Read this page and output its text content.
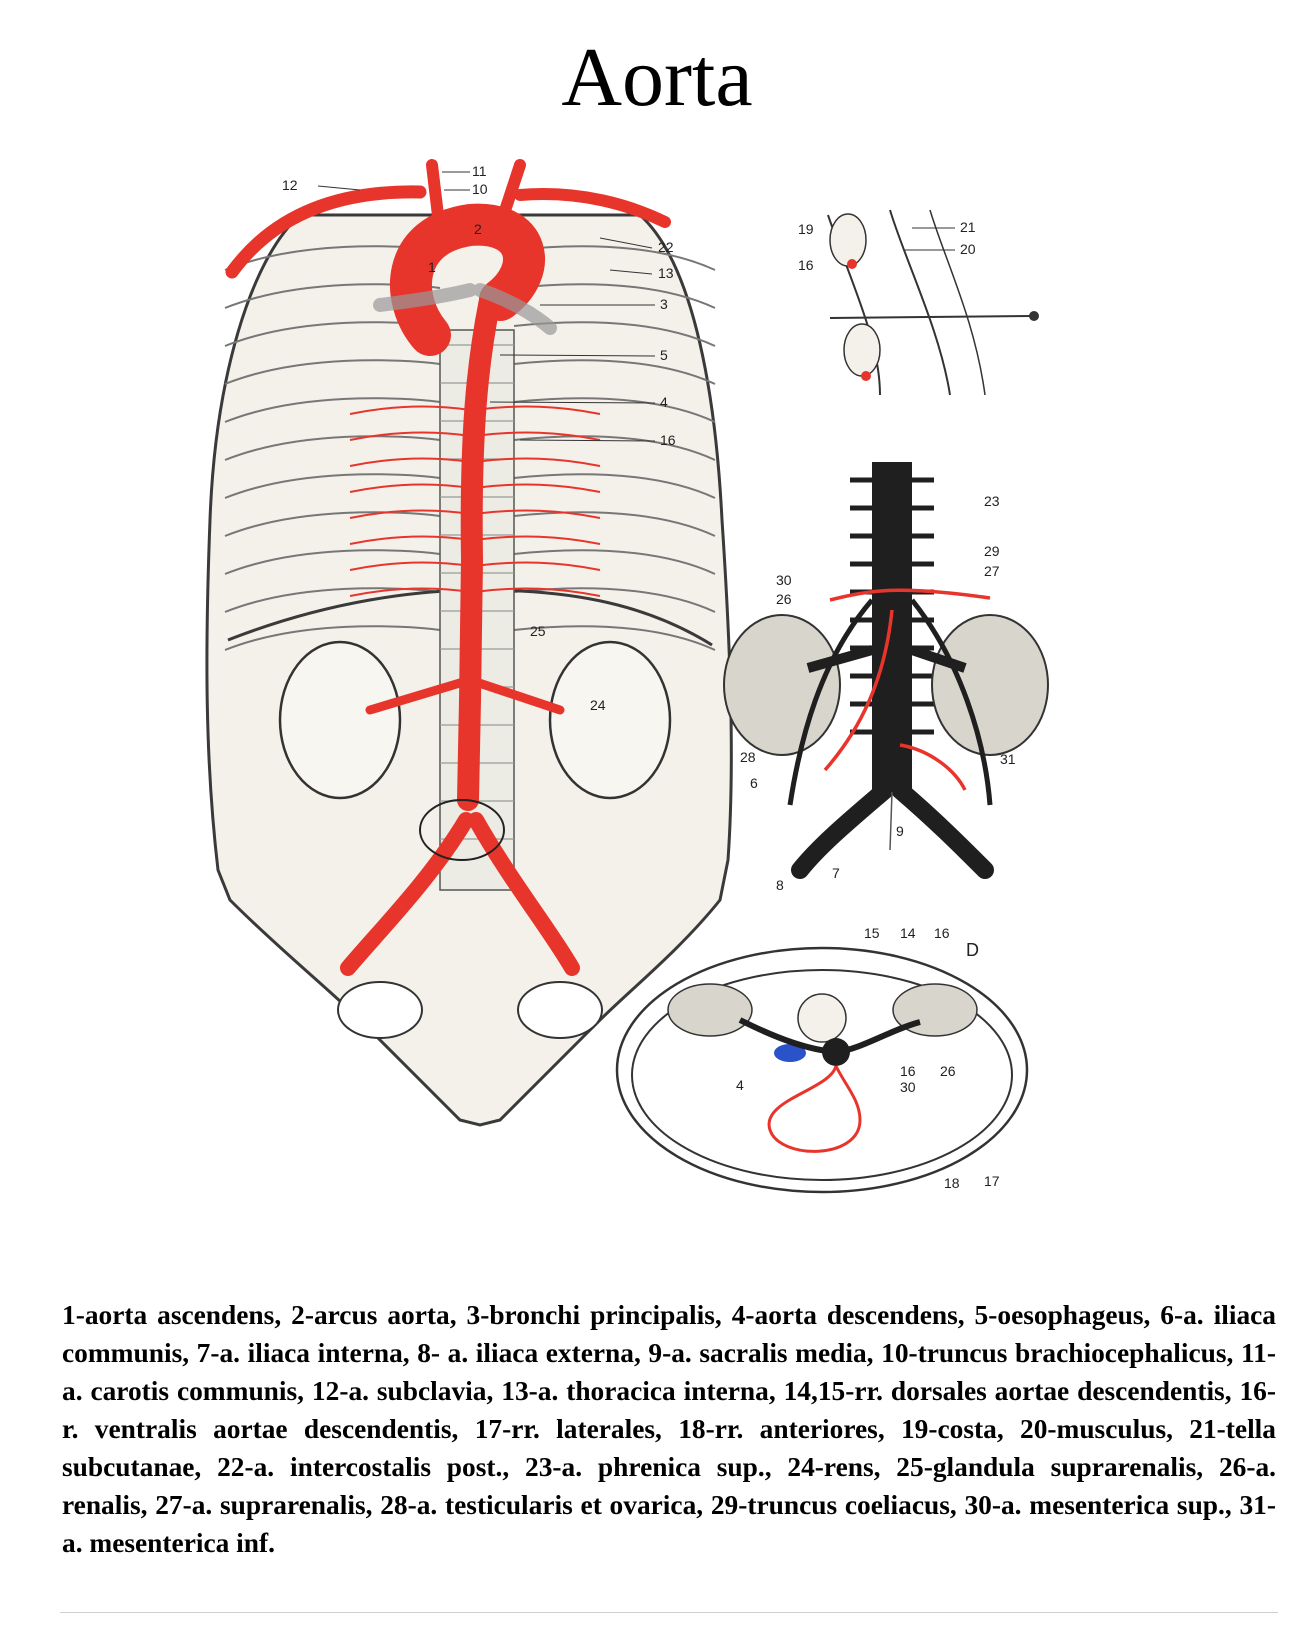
Aorta
12
11
10
2
1
22
13
3
5
4
16
25
24
19
16
21
20
23
29
27
30
26
28
6
31
9
8
7
15 14 16
D
4
16 26
30
18 17
1-aorta ascendens, 2-arcus aorta, 3-bronchi principalis, 4-aorta descendens, 5-oesophageus, 6-a. iliaca communis, 7-a. iliaca interna, 8- a. iliaca externa, 9-a. sacralis media, 10-truncus brachiocephalicus, 11-a. carotis communis, 12-a. subclavia, 13-a. thoracica interna, 14,15-rr. dorsales aortae descendentis, 16-r. ventralis aortae descendentis, 17-rr. laterales, 18-rr. anteriores, 19-costa, 20-musculus, 21-tella subcutanae, 22-a. intercostalis post., 23-a. phrenica sup., 24-rens, 25-glandula suprarenalis, 26-a. renalis, 27-a. suprarenalis, 28-a. testicularis et ovarica, 29-truncus coeliacus, 30-a. mesenterica sup., 31- a. mesenterica inf.
